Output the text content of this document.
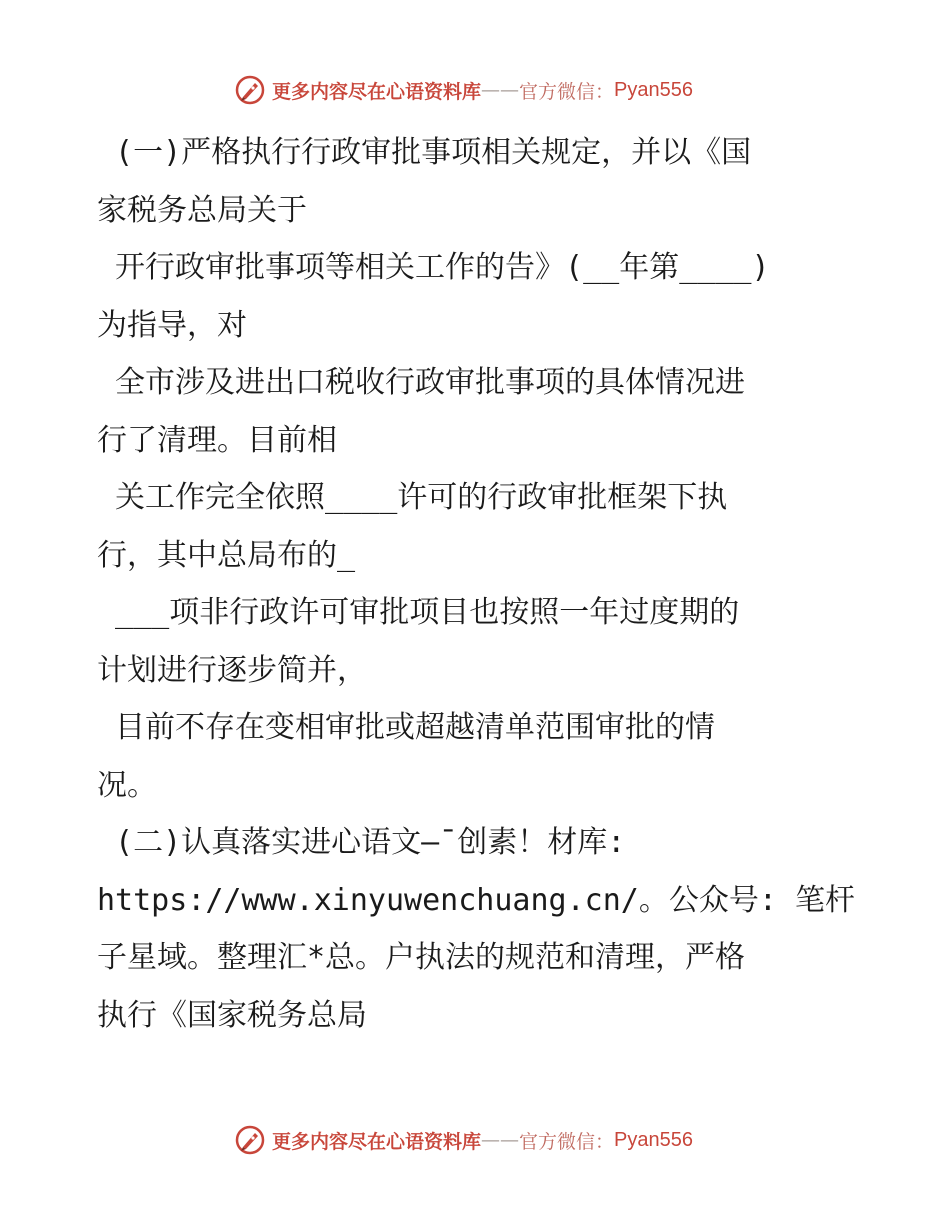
更多内容尽在心语资料库 —— 官方微信： Pyan556
(一)严格执行行政审批事项相关规定，并以《国
家税务总局关于
开行政审批事项等相关工作的告》(__年第____)
为指导，对
全市涉及进出口税收行政审批事项的具体情况进
行了清理。目前相
关工作完全依照____许可的行政审批框架下执
行，其中总局布的_
___项非行政许可审批项目也按照一年过度期的
计划进行逐步简并，
目前不存在变相审批或超越清单范围审批的情
况。
(二)认真落实进心语文—¯创素！材库:
https://www.xinyuwenchuang.cn/。公众号: 笔杆
子星域。整理汇*总。户执法的规范和清理，严格
执行《国家税务总局
更多内容尽在心语资料库 —— 官方微信： Pyan556
